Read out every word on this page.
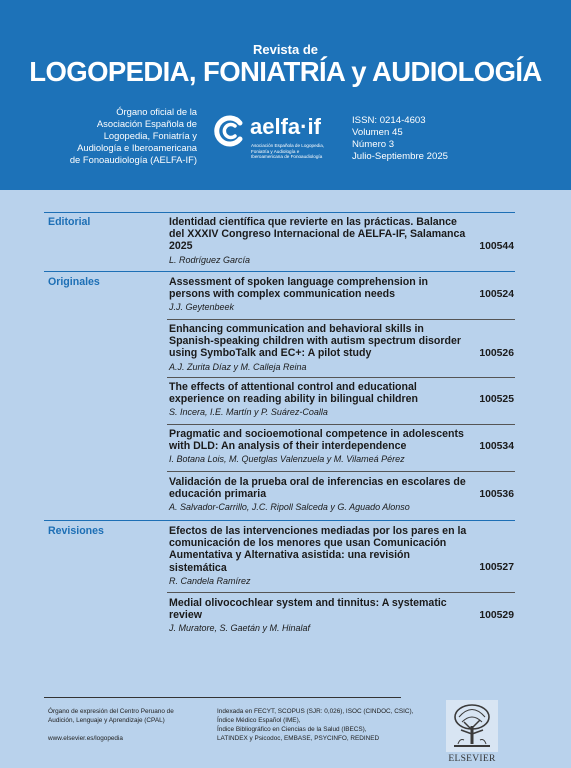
Revista de
LOGOPEDIA, FONIATRÍA y AUDIOLOGÍA
Órgano oficial de la
Asociación Española de
Logopedia, Foniatría y
Audiología e Iberoamericana
de Fonoaudiología (AELFA-IF)
aelfa·if
Asociación Española de Logopedia,
Foniatría y Audiología e
Iberoamericana de Fonoaudiología
ISSN: 0214-4603
Volumen 45
Número 3
Julio-Septiembre 2025
Editorial	Identidad científica que revierte en las prácticas. Balance del XXXIV Congreso Internacional de AELFA-IF, Salamanca 2025
L. Rodríguez García
100544
Originales	Assessment of spoken language comprehension in persons with complex communication needs
J.J. Geytenbeek
100524
Enhancing communication and behavioral skills in Spanish-speaking children with autism spectrum disorder using SymboTalk and EC+: A pilot study
A.J. Zurita Díaz y M. Calleja Reina
100526
The effects of attentional control and educational experience on reading ability in bilingual children
S. Incera, I.E. Martín y P. Suárez-Coalla
100525
Pragmatic and socioemotional competence in adolescents with DLD: An analysis of their interdependence
I. Botana Lois, M. Quetglas Valenzuela y M. Vilameá Pérez
100534
Validación de la prueba oral de inferencias en escolares de educación primaria
A. Salvador-Carrillo, J.C. Ripoll Salceda y G. Aguado Alonso
100536
Revisiones	Efectos de las intervenciones mediadas por los pares en la comunicación de los menores que usan Comunicación Aumentativa y Alternativa asistida: una revisión sistemática
R. Candela Ramírez
100527
Medial olivocochlear system and tinnitus: A systematic review
J. Muratore, S. Gaetán y M. Hinalaf
100529
Órgano de expresión del Centro Peruano de
Audición, Lenguaje y Aprendizaje (CPAL)
www.elsevier.es/logopedia
Indexada en FECYT, SCOPUS (SJR: 0,026), ISOC (CINDOC, CSIC),
Índice Médico Español (IME),
Índice Bibliográfico en Ciencias de la Salud (IBECS),
LATINDEX y Psicodoc, EMBASE, PSYCINFO, REDINED
ELSEVIER
